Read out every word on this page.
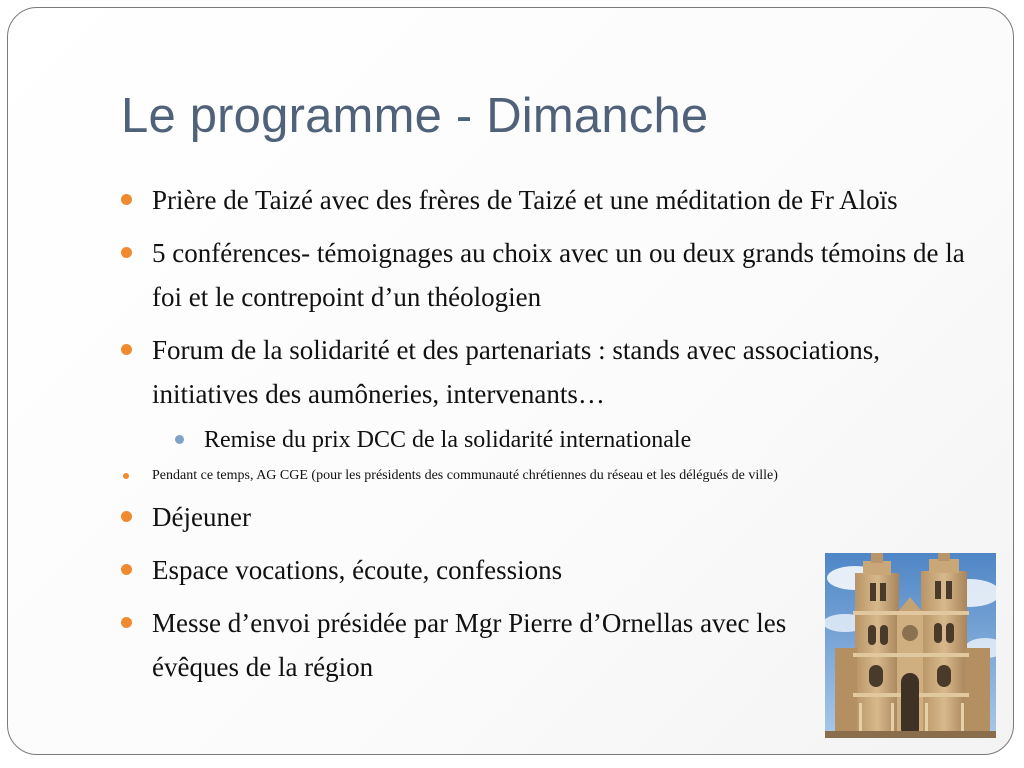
Le programme - Dimanche
Prière de Taizé avec des frères de Taizé et une méditation de Fr Aloïs
5 conférences- témoignages au choix avec un ou deux grands témoins de la foi et le contrepoint d’un théologien
Forum de la solidarité et des partenariats : stands avec associations, initiatives des aumôneries, intervenants…
Remise du prix DCC de la solidarité internationale
Pendant ce temps, AG CGE (pour les présidents des communauté chrétiennes du réseau et les délégués de ville)
Déjeuner
Espace vocations, écoute, confessions
Messe d’envoi présidée par Mgr Pierre d’Ornellas avec les évêques de la région
